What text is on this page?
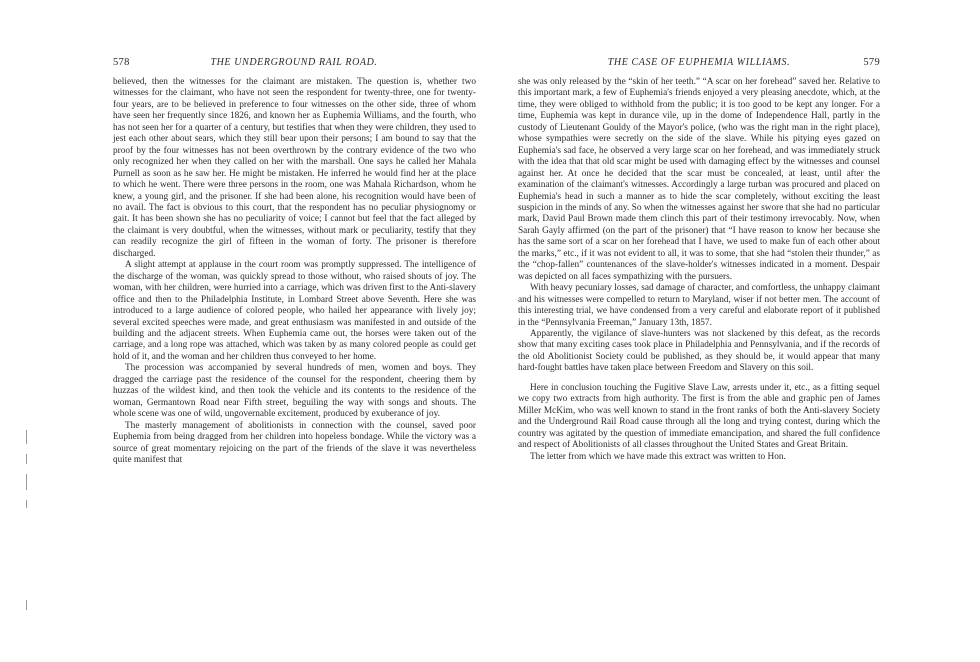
578	THE UNDERGROUND RAIL ROAD.

believed, then the witnesses for the claimant are mistaken. The question is, whether two witnesses for the claimant, who have not seen the respondent for twenty-three, one for twenty-four years, are to be believed in preference to four witnesses on the other side, three of whom have seen her frequently since 1826, and known her as Euphemia Williams, and the fourth, who has not seen her for a quarter of a century, but testifies that when they were children, they used to jest each other about sears, which they still bear upon their persons; I am bound to say that the proof by the four witnesses has not been overthrown by the contrary evidence of the two who only recognized her when they called on her with the marshall. One says he called her Mahala Purnell as soon as he saw her. He might be mistaken. He inferred he would find her at the place to which he went. There were three persons in the room, one was Mahala Richardson, whom he knew, a young girl, and the prisoner. If she had been alone, his recognition would have been of no avail. The fact is obvious to this court, that the respondent has no peculiar physiognomy or gait. It has been shown she has no peculiarity of voice; I cannot but feel that the fact alleged by the claimant is very doubtful, when the witnesses, without mark or peculiarity, testify that they can readily recognize the girl of fifteen in the woman of forty. The prisoner is therefore discharged.

A slight attempt at applause in the court room was promptly suppressed. The intelligence of the discharge of the woman, was quickly spread to those without, who raised shouts of joy. The woman, with her children, were hurried into a carriage, which was driven first to the Anti-slavery office and then to the Philadelphia Institute, in Lombard Street above Seventh. Here she was introduced to a large audience of colored people, who hailed her appearance with lively joy; several excited speeches were made, and great enthusiasm was manifested in and outside of the building and the adjacent streets. When Euphemia came out, the horses were taken out of the carriage, and a long rope was attached, which was taken by as many colored people as could get hold of it, and the woman and her children thus conveyed to her home.

The procession was accompanied by several hundreds of men, women and boys. They dragged the carriage past the residence of the counsel for the respondent, cheering them by huzzas of the wildest kind, and then took the vehicle and its contents to the residence of the woman, Germantown Road near Fifth street, beguiling the way with songs and shouts. The whole scene was one of wild, ungovernable excitement, produced by exuberance of joy.

The masterly management of abolitionists in connection with the counsel, saved poor Euphemia from being dragged from her children into hopeless bondage. While the victory was a source of great momentary rejoicing on the part of the friends of the slave it was nevertheless quite manifest that

THE CASE OF EUPHEMIA WILLIAMS.	579

she was only released by the “skin of her teeth.” “A scar on her forehead” saved her. Relative to this important mark, a few of Euphemia's friends enjoyed a very pleasing anecdote, which, at the time, they were obliged to withhold from the public; it is too good to be kept any longer. For a time, Euphemia was kept in durance vile, up in the dome of Independence Hall, partly in the custody of Lieutenant Gouldy of the Mayor's police, (who was the right man in the right place), whose sympathies were secretly on the side of the slave. While his pitying eyes gazed on Euphemia's sad face, he observed a very large scar on her forehead, and was immediately struck with the idea that that old scar might be used with damaging effect by the witnesses and counsel against her. At once he decided that the scar must be concealed, at least, until after the examination of the claimant's witnesses. Accordingly a large turban was procured and placed on Euphemia's head in such a manner as to hide the scar completely, without exciting the least suspicion in the minds of any. So when the witnesses against her swore that she had no particular mark, David Paul Brown made them clinch this part of their testimony irrevocably. Now, when Sarah Gayly affirmed (on the part of the prisoner) that “I have reason to know her because she has the same sort of a scar on her forehead that I have, we used to make fun of each other about the marks,” etc., if it was not evident to all, it was to some, that she had “stolen their thunder,” as the “chop-fallen” countenances of the slave-holder's witnesses indicated in a moment. Despair was depicted on all faces sympathizing with the pursuers.

With heavy pecuniary losses, sad damage of character, and comfortless, the unhappy claimant and his witnesses were compelled to return to Maryland, wiser if not better men. The account of this interesting trial, we have condensed from a very careful and elaborate report of it published in the “Pennsylvania Freeman,” January 13th, 1857.

Apparently, the vigilance of slave-hunters was not slackened by this defeat, as the records show that many exciting cases took place in Philadelphia and Pennsylvania, and if the records of the old Abolitionist Society could be published, as they should be, it would appear that many hard-fought battles have taken place between Freedom and Slavery on this soil.

Here in conclusion touching the Fugitive Slave Law, arrests under it, etc., as a fitting sequel we copy two extracts from high authority. The first is from the able and graphic pen of James Miller McKim, who was well known to stand in the front ranks of both the Anti-slavery Society and the Underground Rail Road cause through all the long and trying contest, during which the country was agitated by the question of immediate emancipation, and shared the full confidence and respect of Abolitionists of all classes throughout the United States and Great Britain.

The letter from which we have made this extract was written to Hon.
